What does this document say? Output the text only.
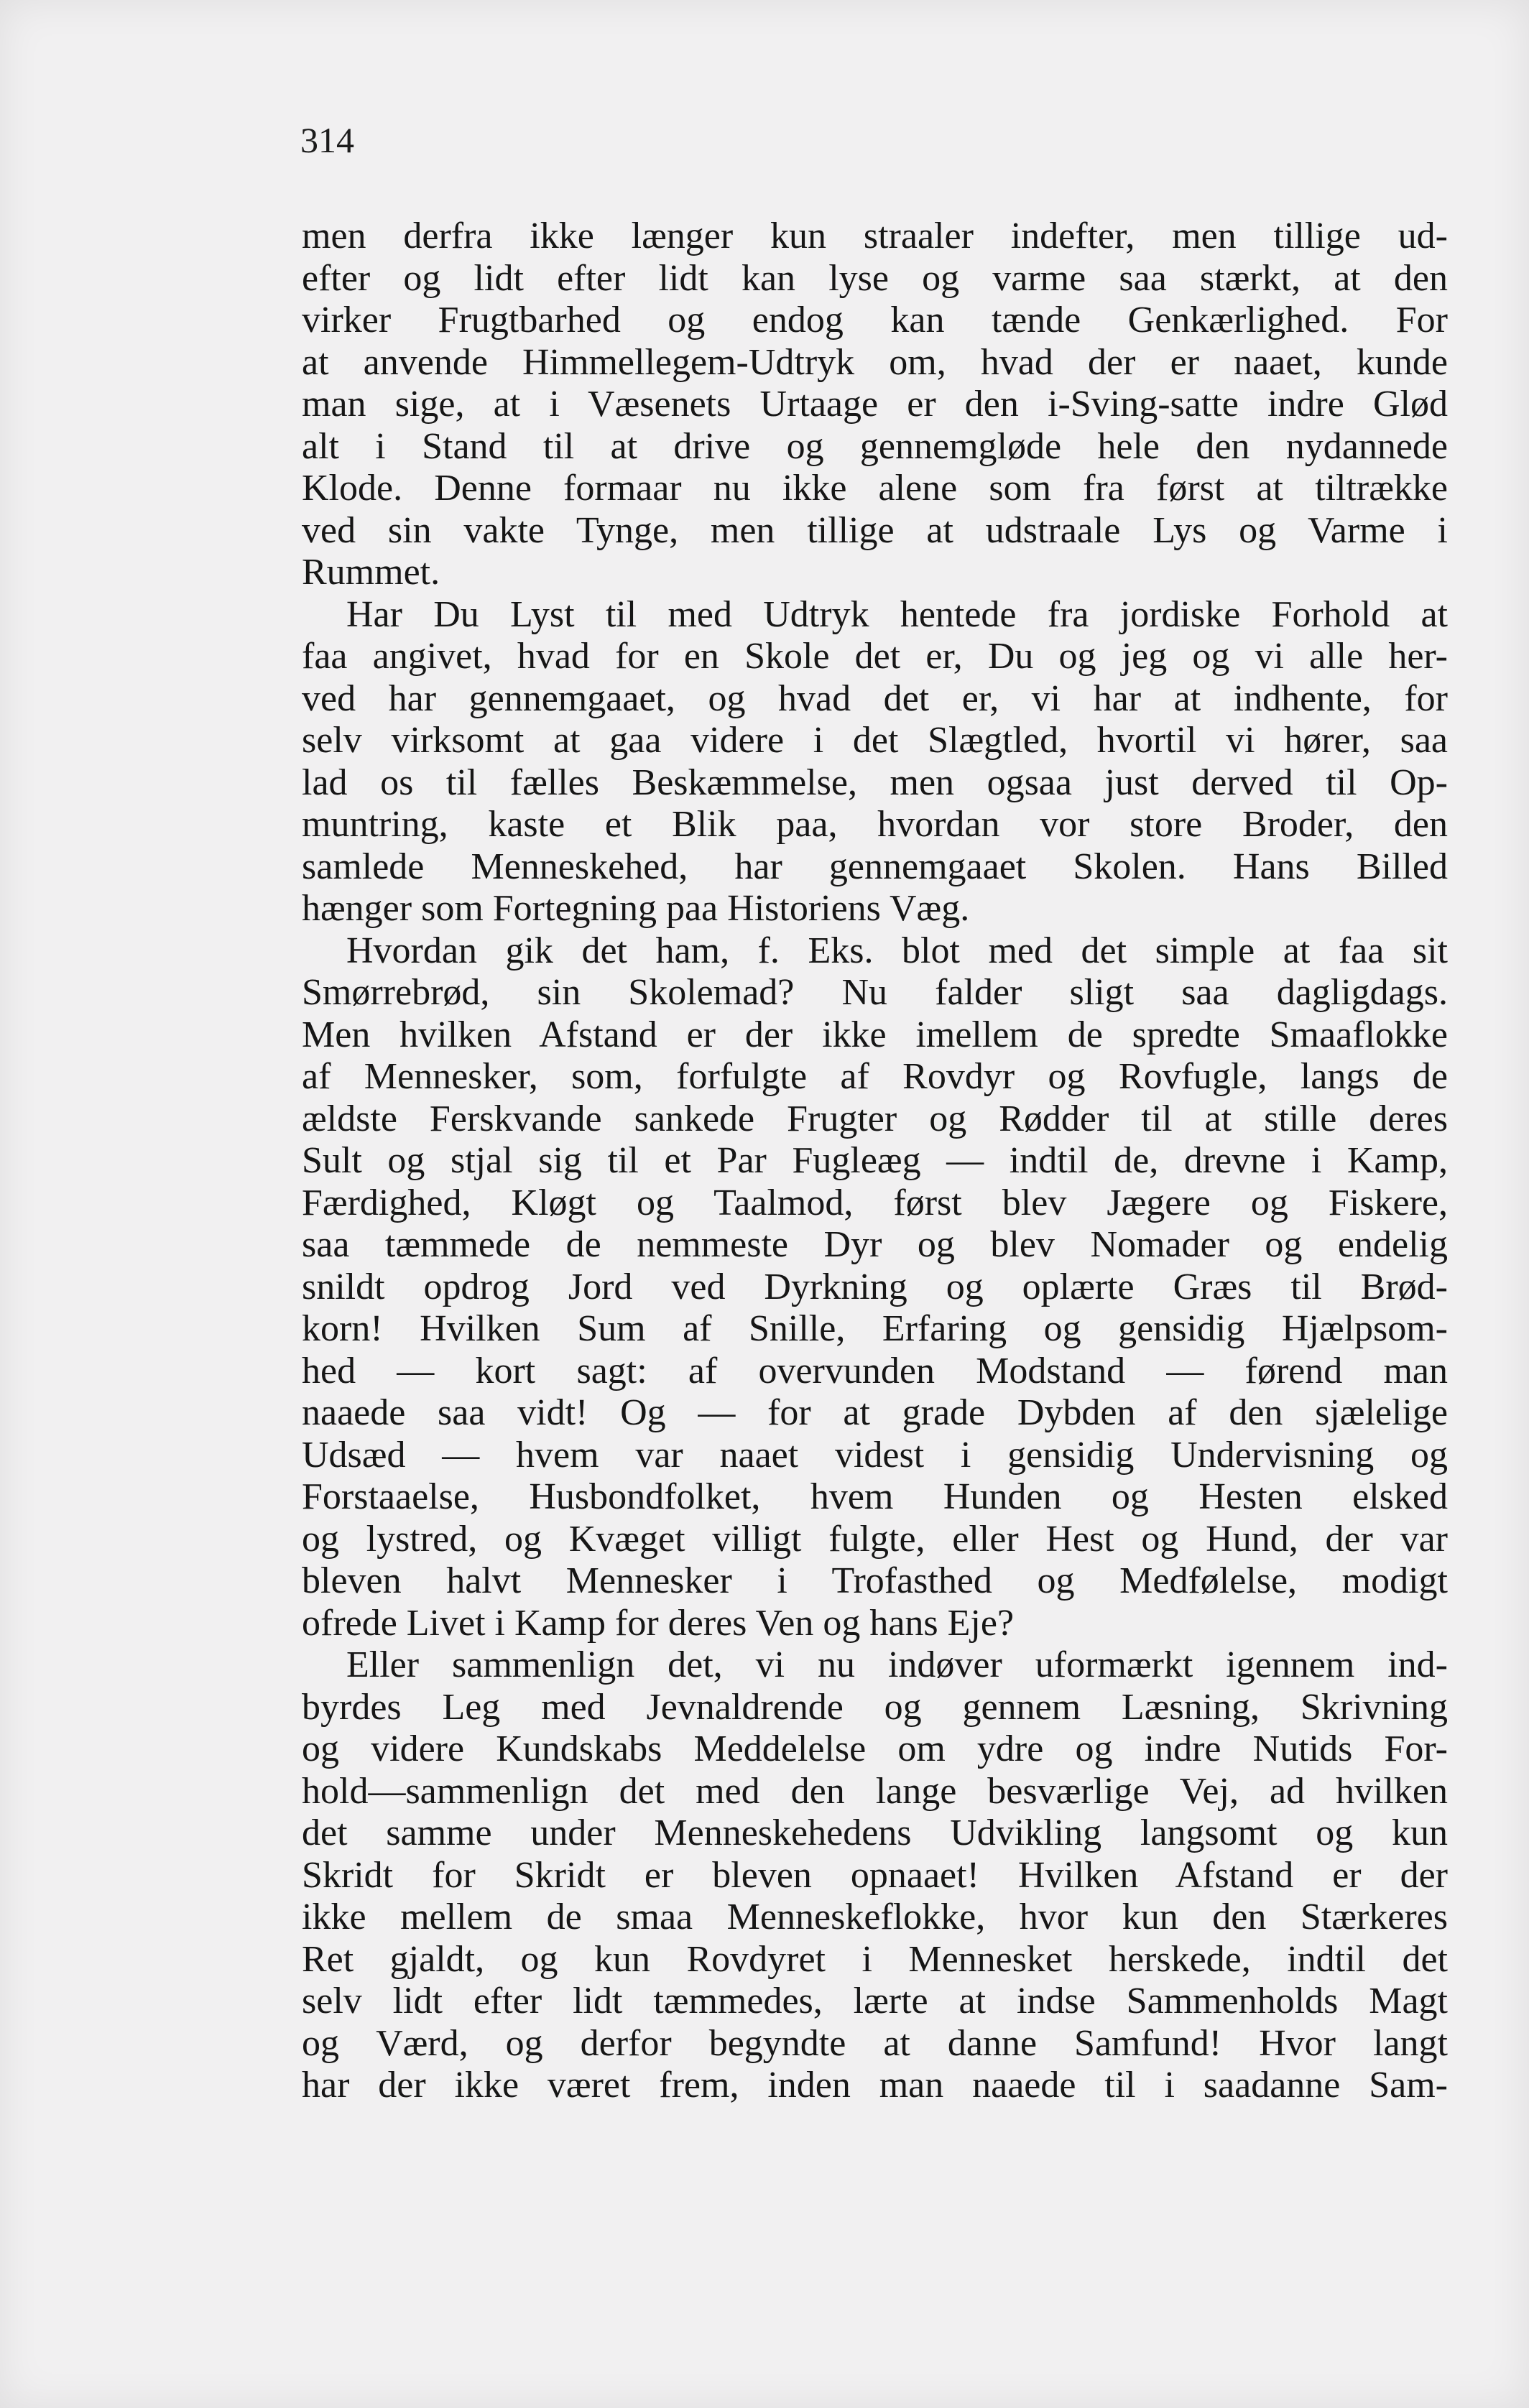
314
men derfra ikke længer kun straaler indefter, men tillige ud-
efter og lidt efter lidt kan lyse og varme saa stærkt, at den
virker Frugtbarhed og endog kan tænde Genkærlighed. For
at anvende Himmellegem-Udtryk om, hvad der er naaet, kunde
man sige, at i Væsenets Urtaage er den i-Sving-satte indre Glød
alt i Stand til at drive og gennemgløde hele den nydannede
Klode. Denne formaar nu ikke alene som fra først at tiltrække
ved sin vakte Tynge, men tillige at udstraale Lys og Varme i
Rummet.
Har Du Lyst til med Udtryk hentede fra jordiske Forhold at
faa angivet, hvad for en Skole det er, Du og jeg og vi alle her-
ved har gennemgaaet, og hvad det er, vi har at indhente, for
selv virksomt at gaa videre i det Slægtled, hvortil vi hører, saa
lad os til fælles Beskæmmelse, men ogsaa just derved til Op-
muntring, kaste et Blik paa, hvordan vor store Broder, den
samlede Menneskehed, har gennemgaaet Skolen. Hans Billed
hænger som Fortegning paa Historiens Væg.
Hvordan gik det ham, f. Eks. blot med det simple at faa sit
Smørrebrød, sin Skolemad? Nu falder sligt saa dagligdags.
Men hvilken Afstand er der ikke imellem de spredte Smaaflokke
af Mennesker, som, forfulgte af Rovdyr og Rovfugle, langs de
ældste Ferskvande sankede Frugter og Rødder til at stille deres
Sult og stjal sig til et Par Fugleæg — indtil de, drevne i Kamp,
Færdighed, Kløgt og Taalmod, først blev Jægere og Fiskere,
saa tæmmede de nemmeste Dyr og blev Nomader og endelig
snildt opdrog Jord ved Dyrkning og oplærte Græs til Brød-
korn! Hvilken Sum af Snille, Erfaring og gensidig Hjælpsom-
hed — kort sagt: af overvunden Modstand — førend man
naaede saa vidt! Og — for at grade Dybden af den sjælelige
Udsæd — hvem var naaet videst i gensidig Undervisning og
Forstaaelse, Husbondfolket, hvem Hunden og Hesten elsked
og lystred, og Kvæget villigt fulgte, eller Hest og Hund, der var
bleven halvt Mennesker i Trofasthed og Medfølelse, modigt
ofrede Livet i Kamp for deres Ven og hans Eje?
Eller sammenlign det, vi nu indøver uformærkt igennem ind-
byrdes Leg med Jevnaldrende og gennem Læsning, Skrivning
og videre Kundskabs Meddelelse om ydre og indre Nutids For-
hold—sammenlign det med den lange besværlige Vej, ad hvilken
det samme under Menneskehedens Udvikling langsomt og kun
Skridt for Skridt er bleven opnaaet! Hvilken Afstand er der
ikke mellem de smaa Menneskeflokke, hvor kun den Stærkeres
Ret gjaldt, og kun Rovdyret i Mennesket herskede, indtil det
selv lidt efter lidt tæmmedes, lærte at indse Sammenholds Magt
og Værd, og derfor begyndte at danne Samfund! Hvor langt
har der ikke været frem, inden man naaede til i saadanne Sam-
